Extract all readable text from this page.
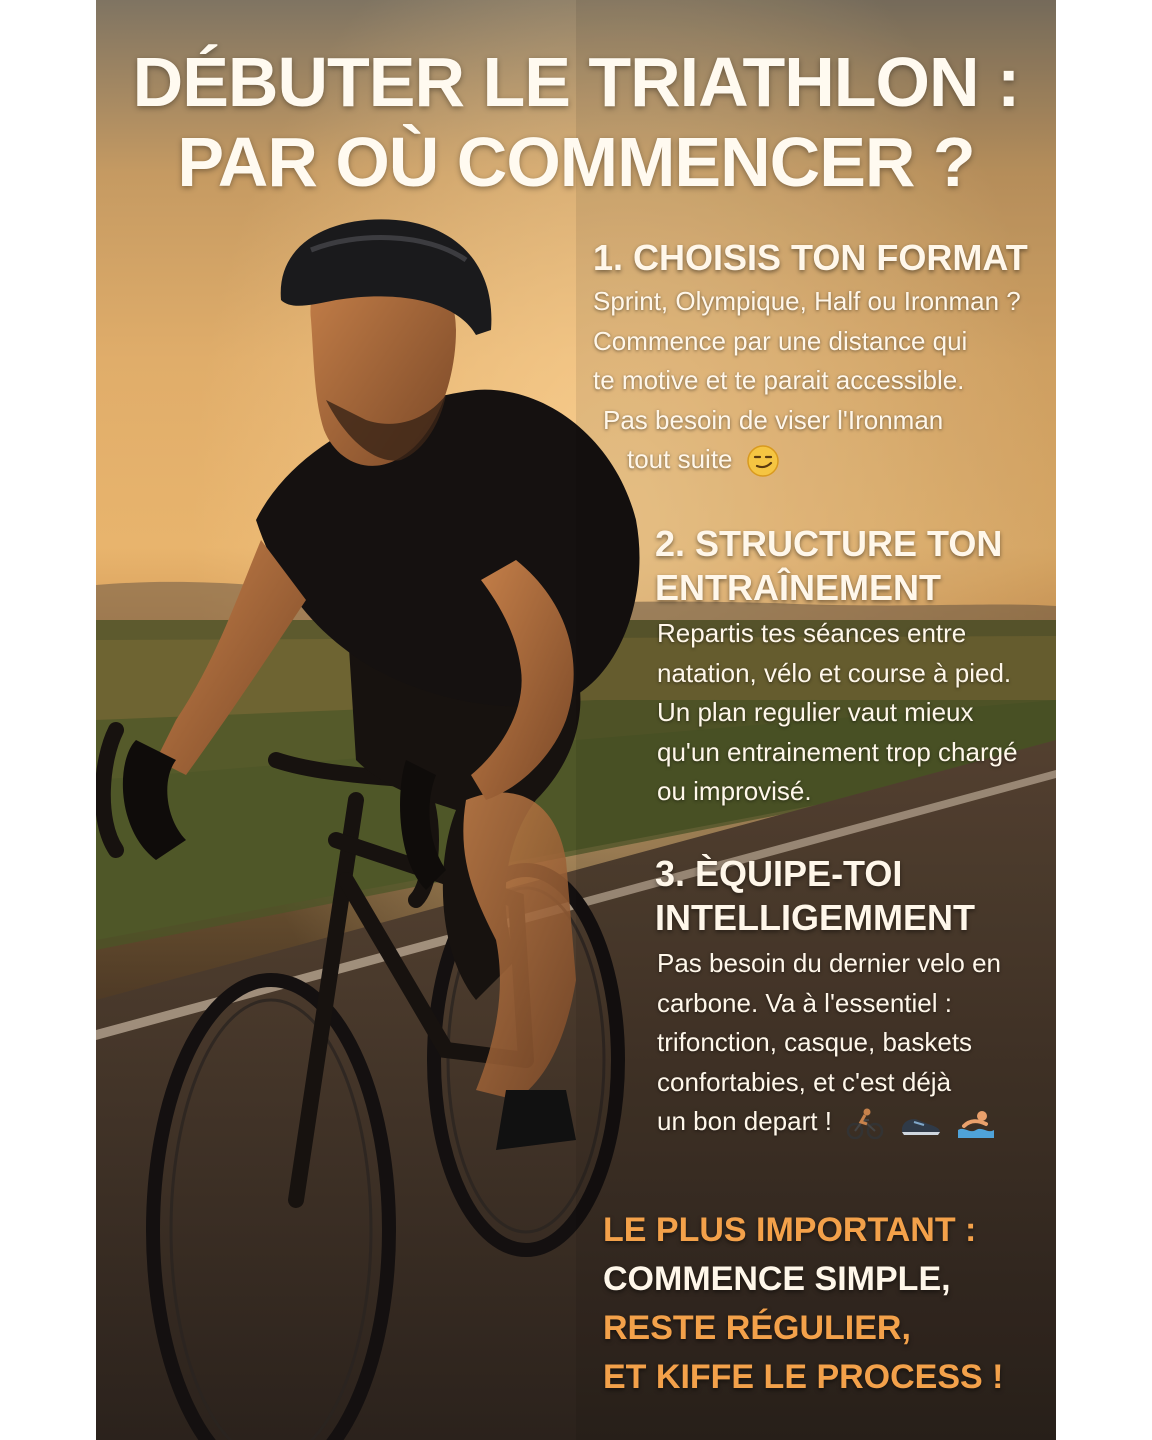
DÉBUTER LE TRIATHLON :
PAR OÙ COMMENCER ?
1. CHOISIS TON FORMAT
Sprint, Olympique, Half ou Ironman ?
Commence par une distance qui
te motive et te parait accessible.
Pas besoin de viser l'Ironman
tout suite
2. STRUCTURE TON
ENTRAÎNEMENT
Repartis tes séances entre
natation, vélo et course à pied.
Un plan regulier vaut mieux
qu'un entrainement trop chargé
ou improvisé.
3. ÈQUIPE-TOI
INTELLIGEMMENT
Pas besoin du dernier velo en
carbone. Va à l'essentiel :
trifonction, casque, baskets
confortabies, et c'est déjà
un bon depart !
LE PLUS IMPORTANT :
COMMENCE SIMPLE,
RESTE RÉGULIER,
ET KIFFE LE PROCESS !
